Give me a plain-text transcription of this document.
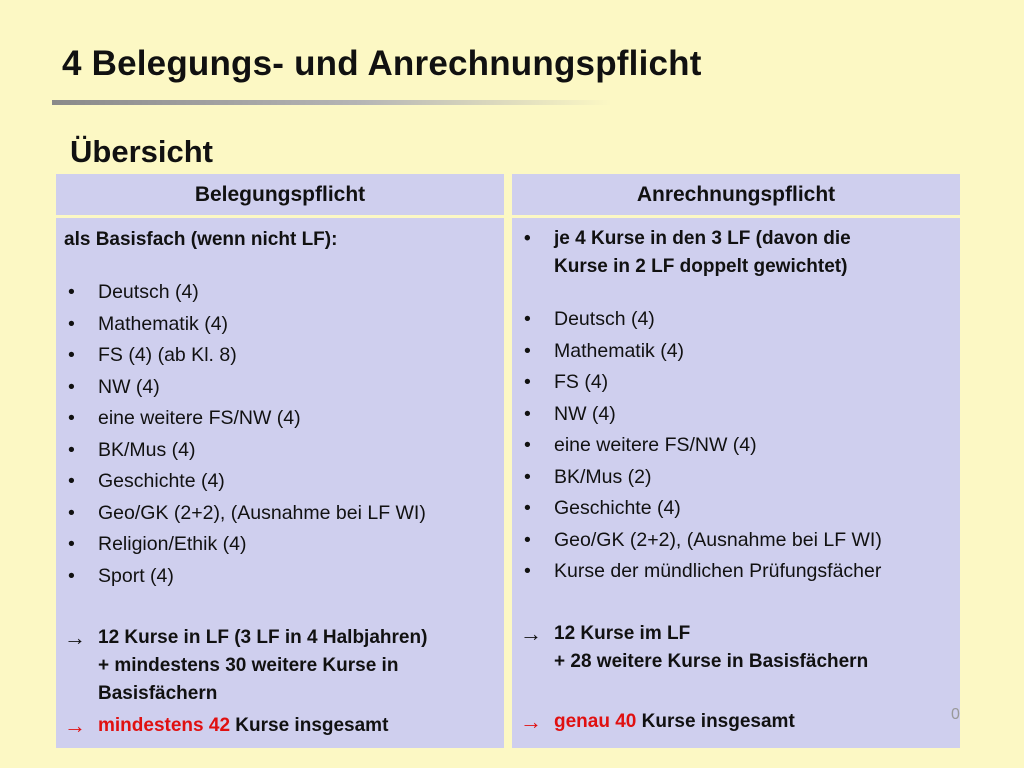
4 Belegungs- und Anrechnungspflicht
Übersicht
Belegungspflicht

als Basisfach (wenn nicht LF):

• Deutsch (4)
• Mathematik (4)
• FS (4) (ab Kl. 8)
• NW (4)
• eine weitere FS/NW (4)
• BK/Mus (4)
• Geschichte (4)
• Geo/GK (2+2), (Ausnahme bei LF WI)
• Religion/Ethik (4)
• Sport (4)
→ 12 Kurse in LF (3 LF in 4 Halbjahren)
+ mindestens 30 weitere Kurse in
Basisfächern
→ mindestens 42 Kurse insgesamt
Anrechnungspflicht
• je 4 Kurse in den 3 LF (davon die
Kurse in 2 LF doppelt gewichtet)
• Deutsch (4)
• Mathematik (4)
• FS (4)
• NW (4)
• eine weitere FS/NW (4)
• BK/Mus (2)
• Geschichte (4)
• Geo/GK (2+2), (Ausnahme bei LF WI)
• Kurse der mündlichen Prüfungsfächer
→ 12 Kurse im LF
+ 28 weitere Kurse in Basisfächern
→ genau 40 Kurse insgesamt	0
